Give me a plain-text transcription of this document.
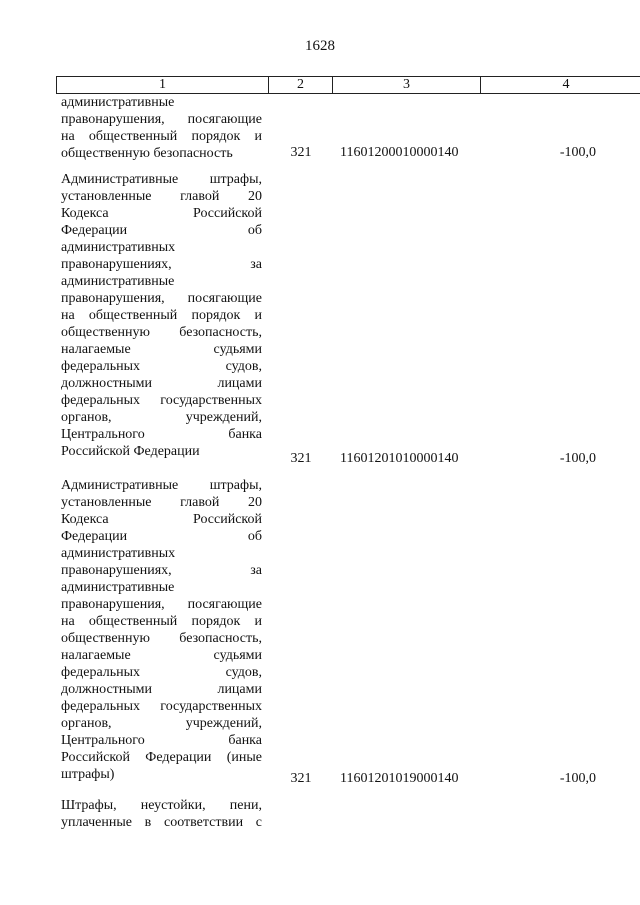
1628
1	2	3	4
административные
правонарушения, посягающие
на общественный порядок и
общественную безопасность	321	11601200010000140	-100,0
Административные штрафы,
установленные главой 20
Кодекса Российской
Федерации об
административных
правонарушениях, за
административные
правонарушения, посягающие
на общественный порядок и
общественную безопасность,
налагаемые судьями
федеральных судов,
должностными лицами
федеральных государственных
органов, учреждений,
Центрального банка
Российской Федерации	321	11601201010000140	-100,0
Административные штрафы,
установленные главой 20
Кодекса Российской
Федерации об
административных
правонарушениях, за
административные
правонарушения, посягающие
на общественный порядок и
общественную безопасность,
налагаемые судьями
федеральных судов,
должностными лицами
федеральных государственных
органов, учреждений,
Центрального банка
Российской Федерации (иные
штрафы)	321	11601201019000140	-100,0
Штрафы, неустойки, пени,
уплаченные в соответствии с
